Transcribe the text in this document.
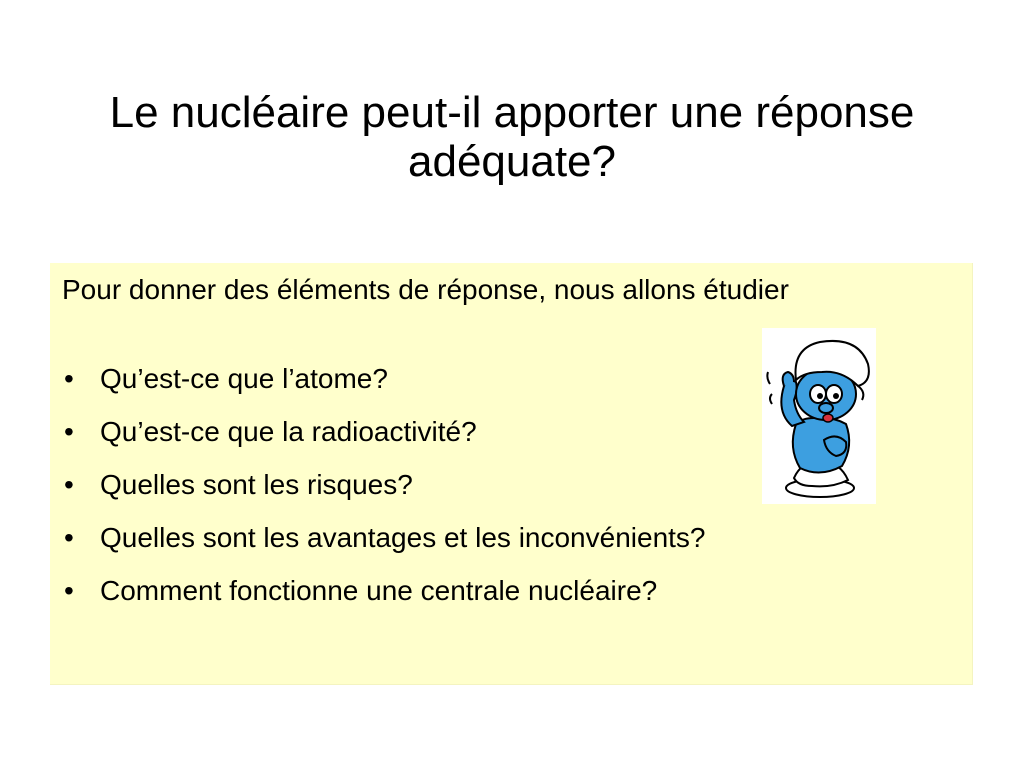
Le nucléaire peut-il apporter une réponse adéquate?

Pour donner des éléments de réponse, nous allons étudier

• Qu’est-ce que l’atome?
• Qu’est-ce que la radioactivité?
• Quelles sont les risques?
• Quelles sont les avantages et les inconvénients?
• Comment fonctionne une centrale nucléaire?
